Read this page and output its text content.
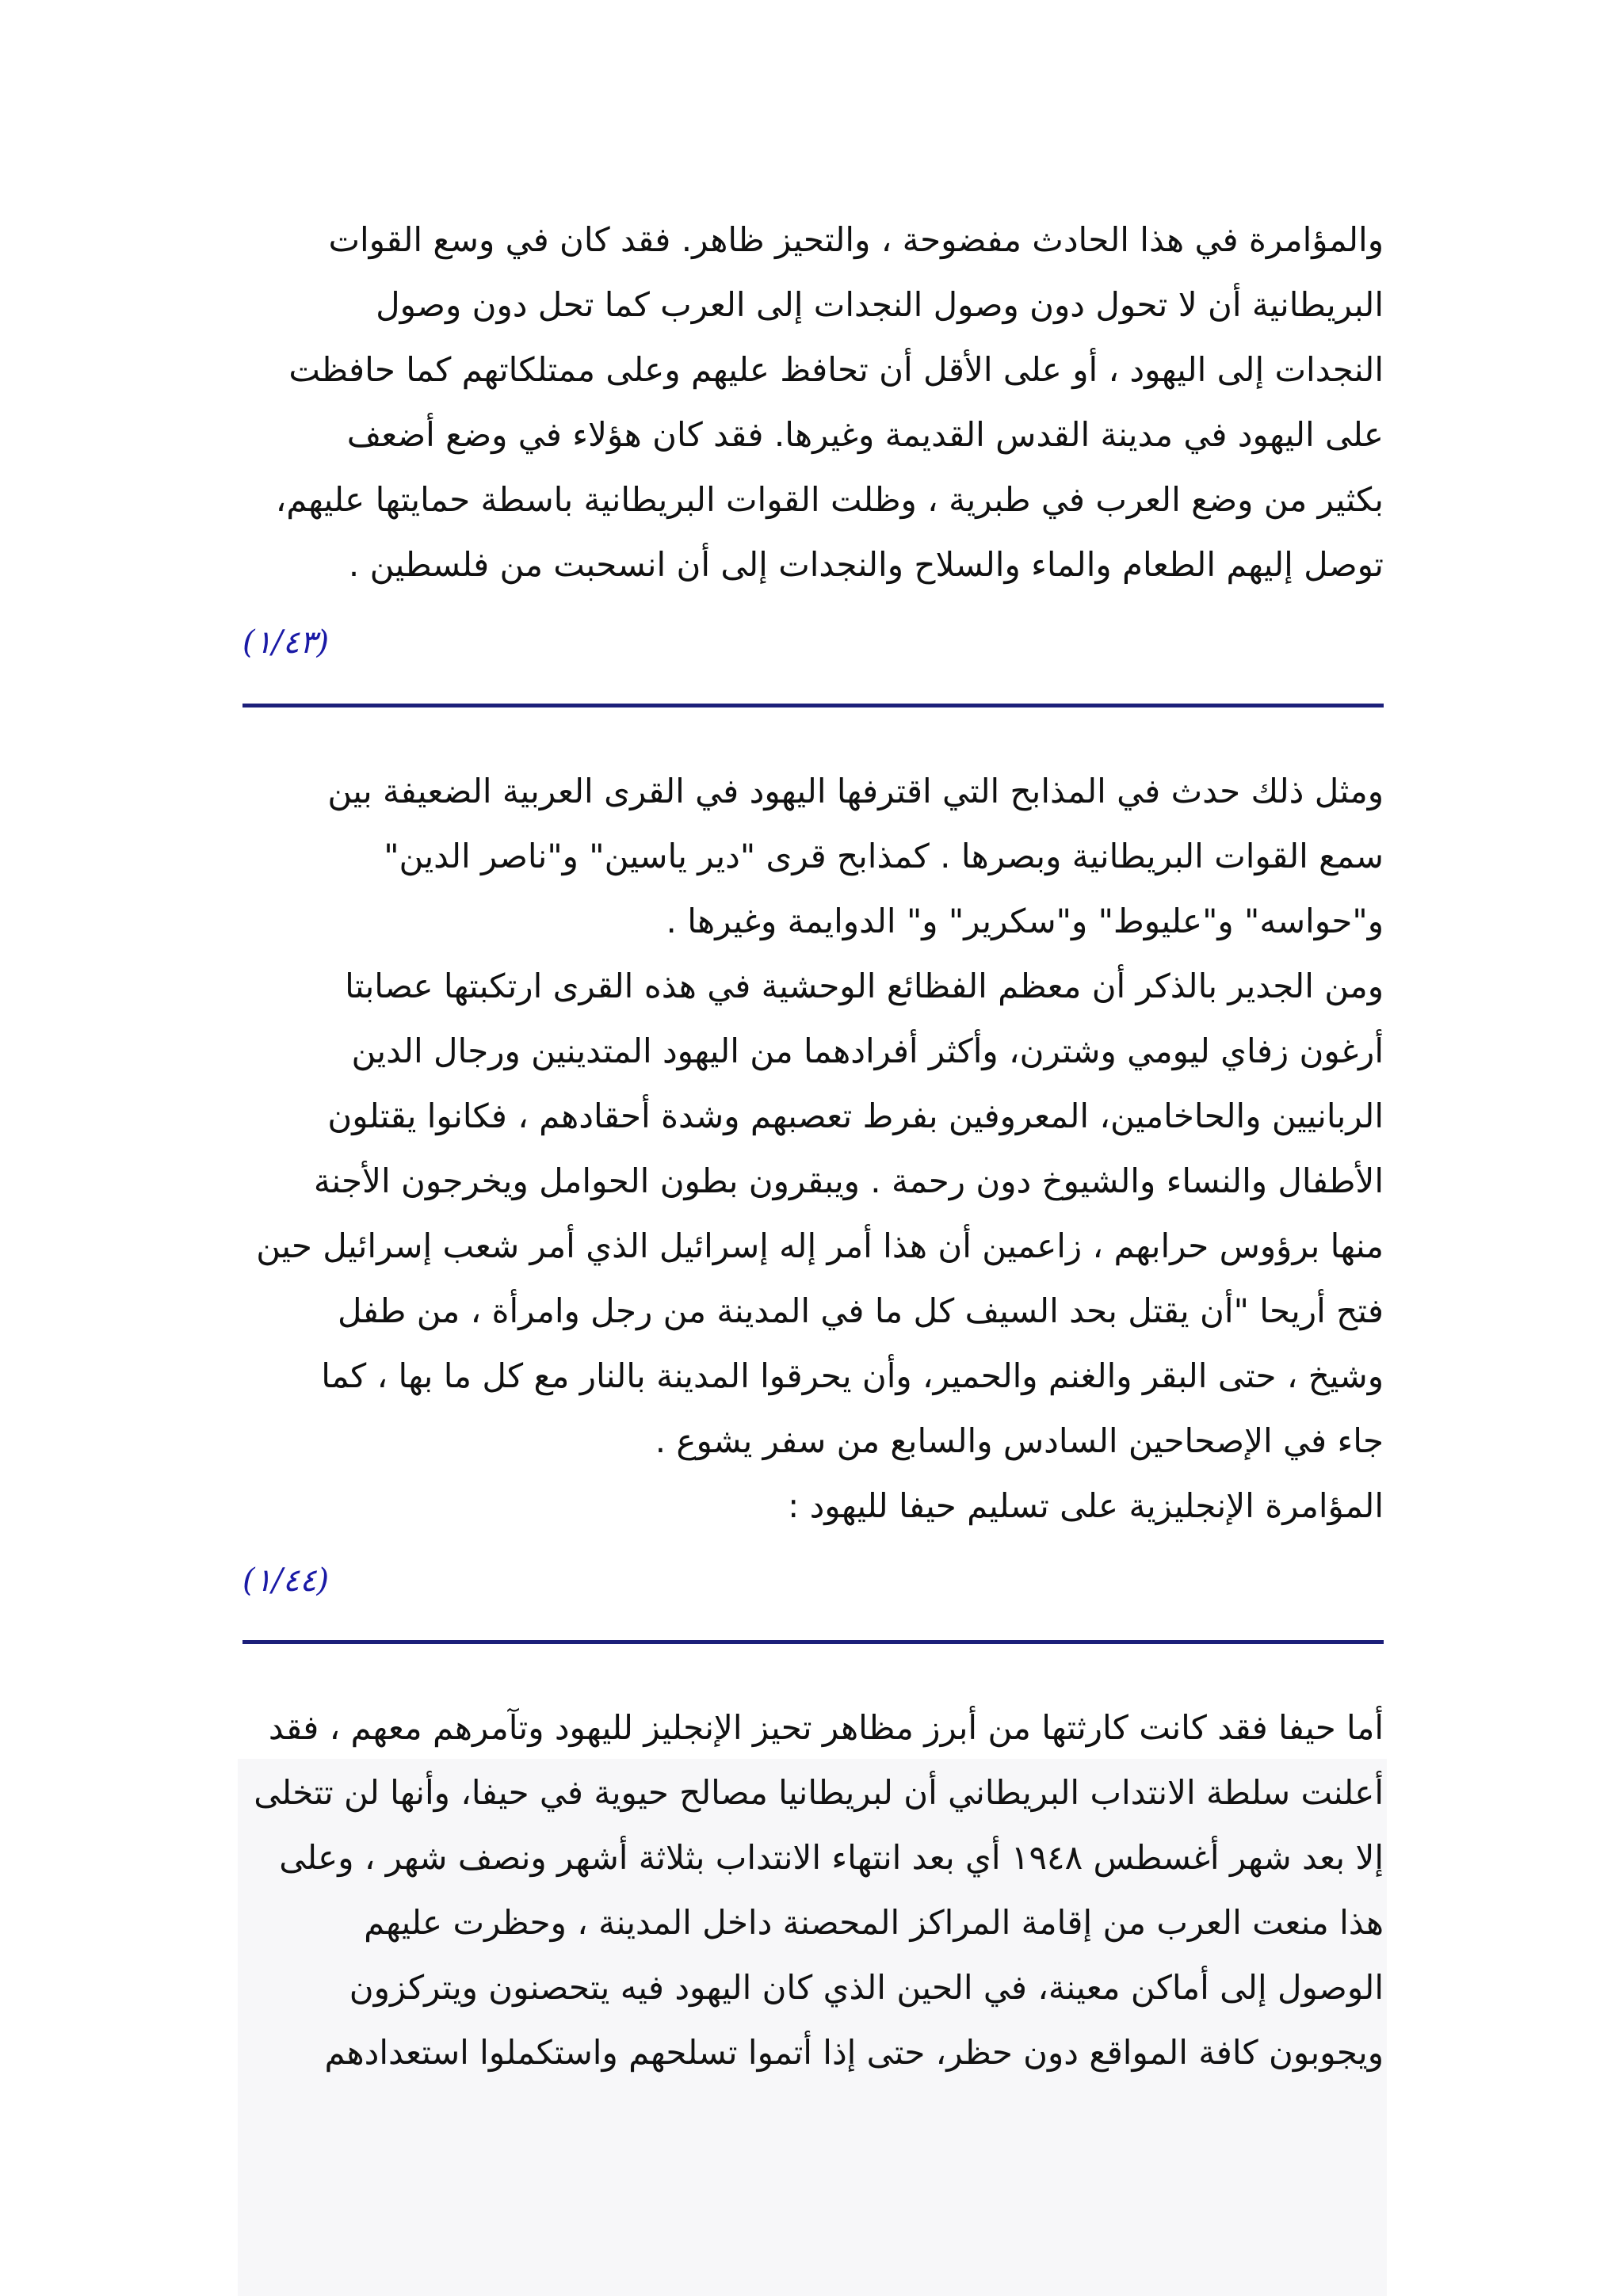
والمؤامرة في هذا الحادث مفضوحة ، والتحيز ظاهر. فقد كان في وسع القوات
البريطانية أن لا تحول دون وصول النجدات إلى العرب كما تحل دون وصول
النجدات إلى اليهود ، أو على الأقل أن تحافظ عليهم وعلى ممتلكاتهم كما حافظت
على اليهود في مدينة القدس القديمة وغيرها. فقد كان هؤلاء في وضع أضعف
بكثير من وضع العرب في طبرية ، وظلت القوات البريطانية باسطة حمايتها عليهم،
توصل إليهم الطعام والماء والسلاح والنجدات إلى أن انسحبت من فلسطين .
(١/٤٣)
ومثل ذلك حدث في المذابح التي اقترفها اليهود في القرى العربية الضعيفة بين
سمع القوات البريطانية وبصرها . كمذابح قرى "دير ياسين" و"ناصر الدين"
و"حواسه" و"عليوط" و"سكرير" و" الدوايمة وغيرها .
ومن الجدير بالذكر أن معظم الفظائع الوحشية في هذه القرى ارتكبتها عصابتا
أرغون زفاي ليومي وشترن، وأكثر أفرادهما من اليهود المتدينين ورجال الدين
الربانيين والحاخامين، المعروفين بفرط تعصبهم وشدة أحقادهم ، فكانوا يقتلون
الأطفال والنساء والشيوخ دون رحمة . ويبقرون بطون الحوامل ويخرجون الأجنة
منها برؤوس حرابهم ، زاعمين أن هذا أمر إله إسرائيل الذي أمر شعب إسرائيل حين
فتح أريحا "أن يقتل بحد السيف كل ما في المدينة من رجل وامرأة ، من طفل
وشيخ ، حتى البقر والغنم والحمير، وأن يحرقوا المدينة بالنار مع كل ما بها ، كما
جاء في الإصحاحين السادس والسابع من سفر يشوع .
المؤامرة الإنجليزية على تسليم حيفا لليهود :
(١/٤٤)
أما حيفا فقد كانت كارثتها من أبرز مظاهر تحيز الإنجليز لليهود وتآمرهم معهم ، فقد
أعلنت سلطة الانتداب البريطاني أن لبريطانيا مصالح حيوية في حيفا، وأنها لن تتخلى
إلا بعد شهر أغسطس ١٩٤٨ أي بعد انتهاء الانتداب بثلاثة أشهر ونصف شهر ، وعلى
هذا منعت العرب من إقامة المراكز المحصنة داخل المدينة ، وحظرت عليهم
الوصول إلى أماكن معينة، في الحين الذي كان اليهود فيه يتحصنون ويتركزون
ويجوبون كافة المواقع دون حظر، حتى إذا أتموا تسلحهم واستكملوا استعدادهم
